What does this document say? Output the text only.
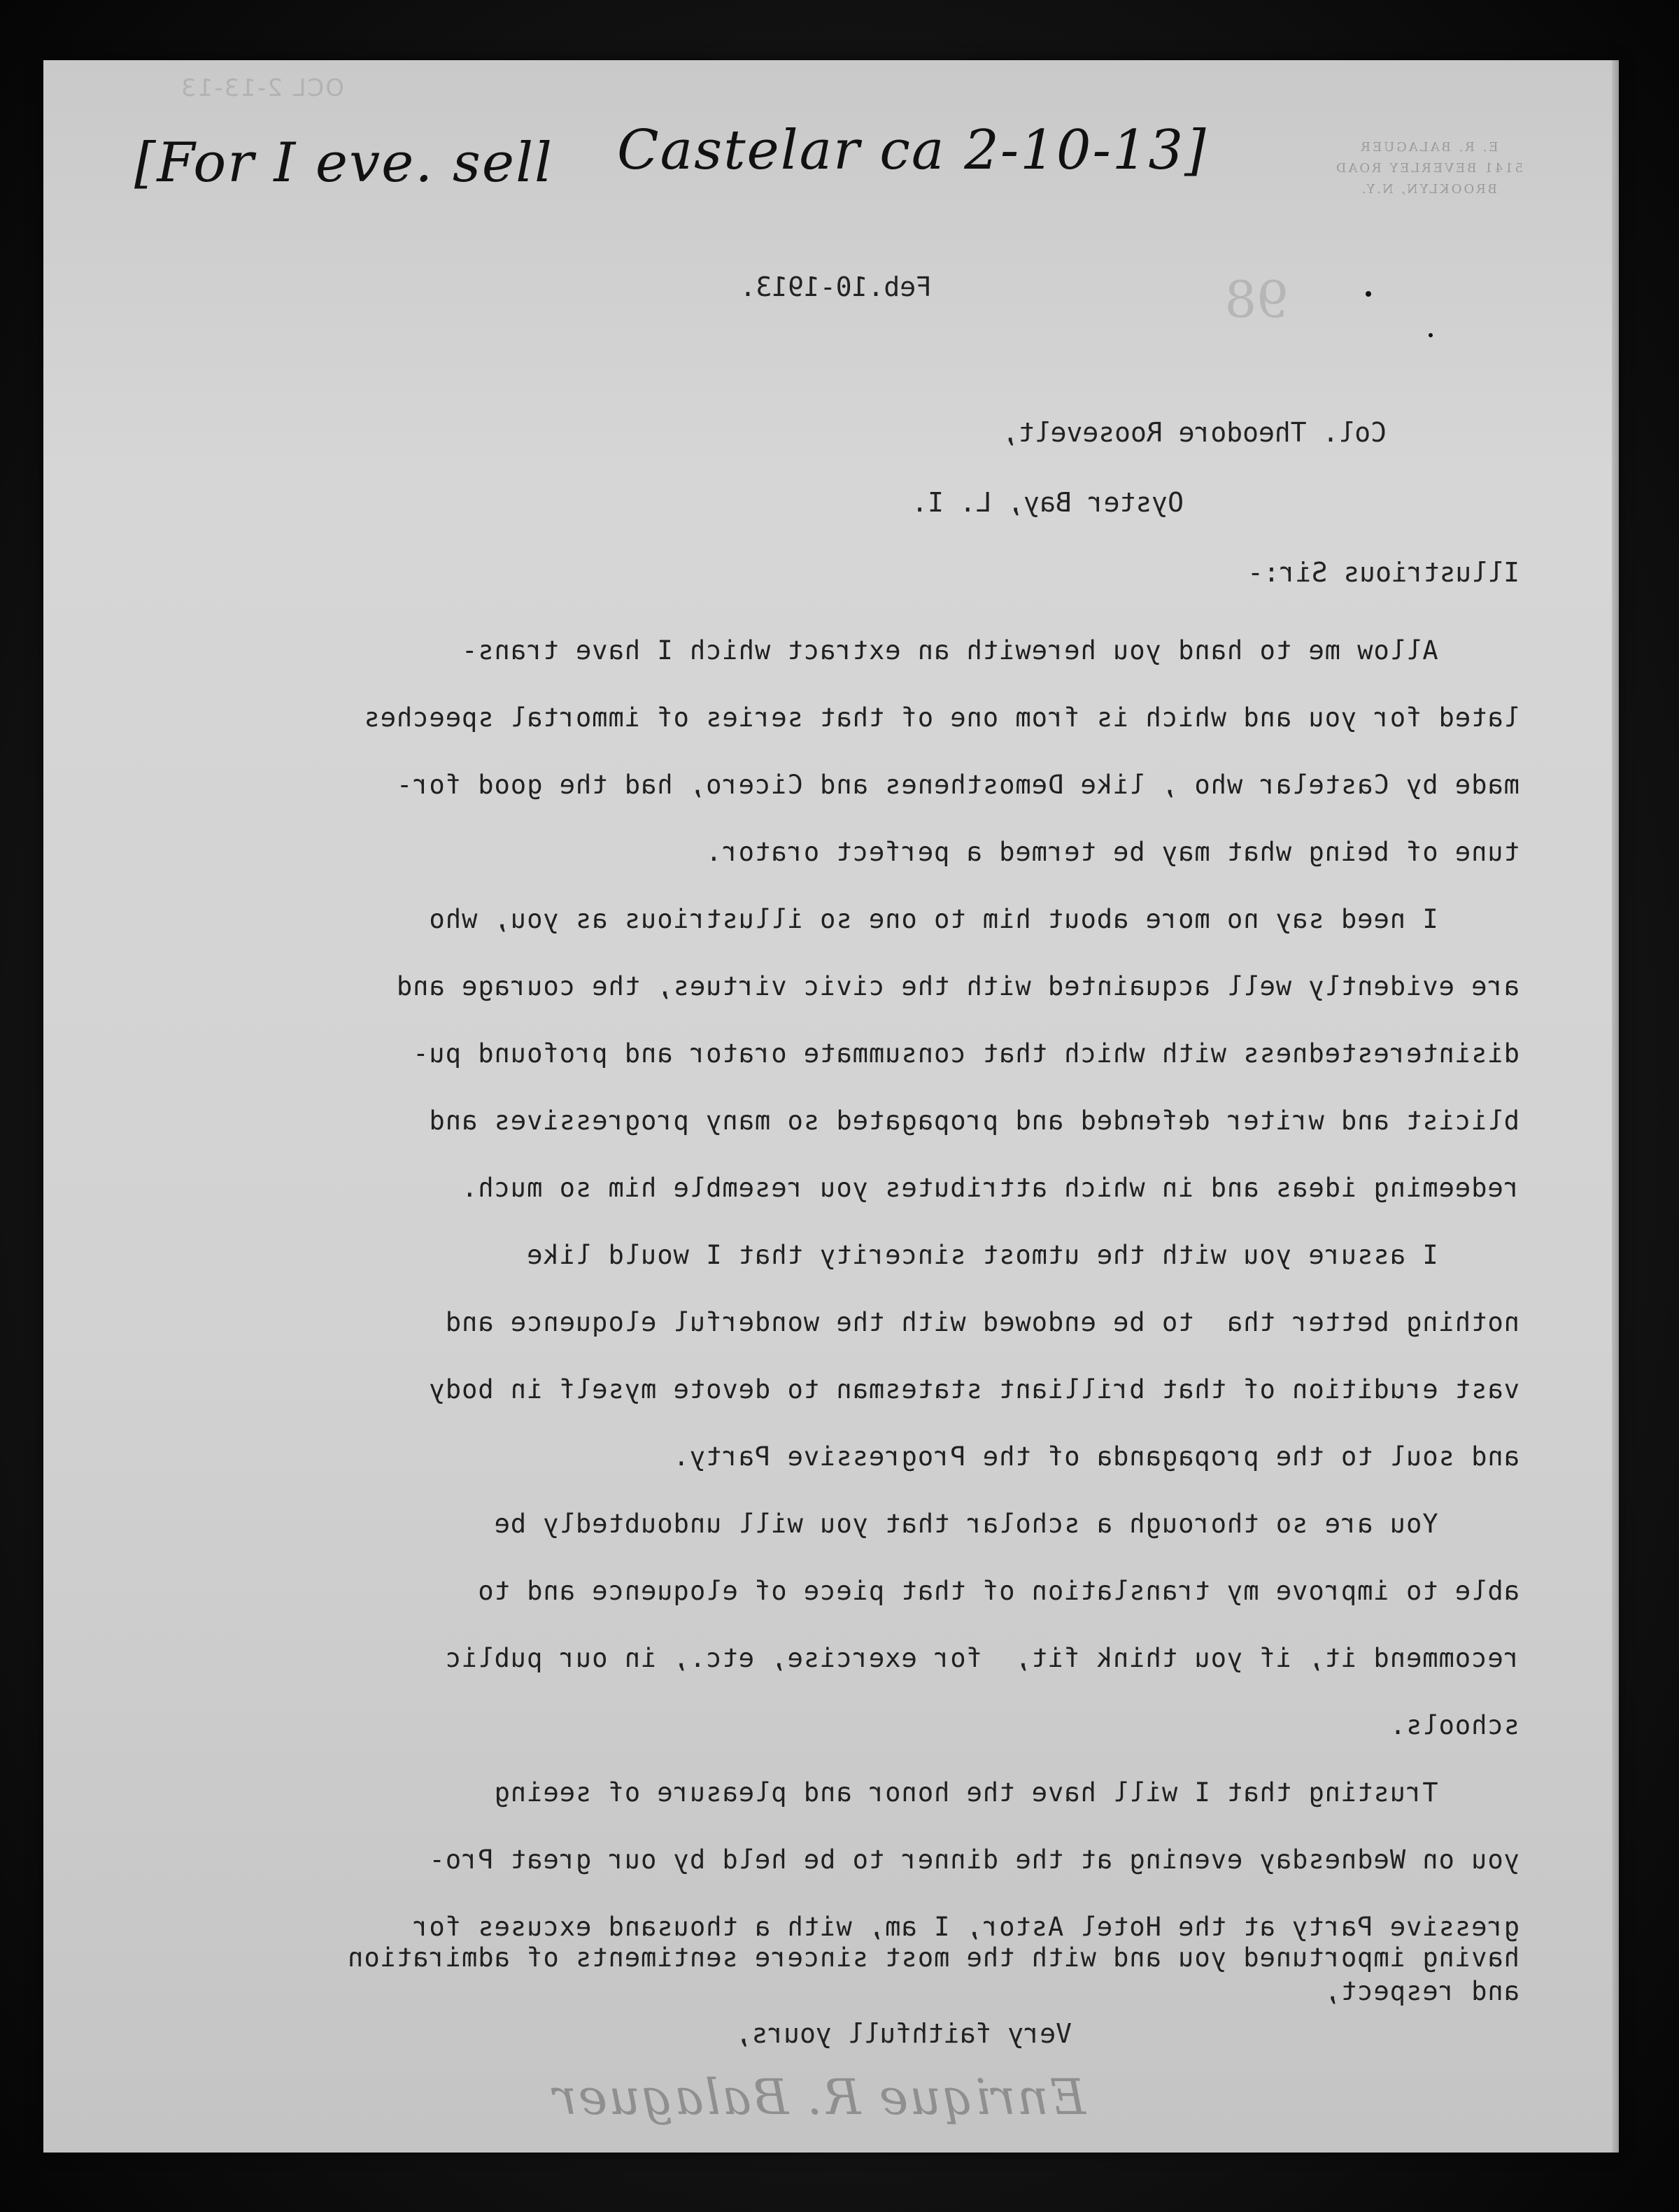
OCL 2-13-13
E. R. BALAGUER
5141 BEVERLEY ROAD
BROOKLYN, N.Y.
98
Feb.10-1913.
Col. Theodore Roosevelt,
Oyster Bay, L. I.
Illustrious Sir:-
Allow me to hand you herewith an extract which I have trans-
lated for you and which is from one of that series of immortal speeches
made by Castelar who , like Demosthenes and Cicero, had the good for-
tune of being what may be termed a perfect orator.
I need say no more about him to one so illustrious as you, who
are evidently well acquainted with the civic virtues, the courage and
disinterestedness with which that consummate orator and profound pu-
blicist and writer defended and propagated so many progressives and
redeeming ideas and in which attributes you resemble him so much.
I assure you with the utmost sincerity that I would like
nothing better tha  to be endowed with the wonderful eloquence and
vast erudition of that brilliant statesman to devote myself in body
and soul to the propaganda of the Progressive Party.
You are so thorough a scholar that you will undoubtedly be
able to improve my translation of that piece of eloquence and to
recommend it, if you think fit,  for exercise, etc., in our public
schools.
Trusting that I will have the honor and pleasure of seeing
you on Wednesday evening at the dinner to be held by our great Pro-
gressive Party at the Hotel Astor, I am, with a thousand excuses for
Very faithfull yours,
Enrique R. Balaguer
[For I eve. sell Castelar ca 2-10-13]
having importuned you and with the most sincere sentiments of admiration
and respect,
